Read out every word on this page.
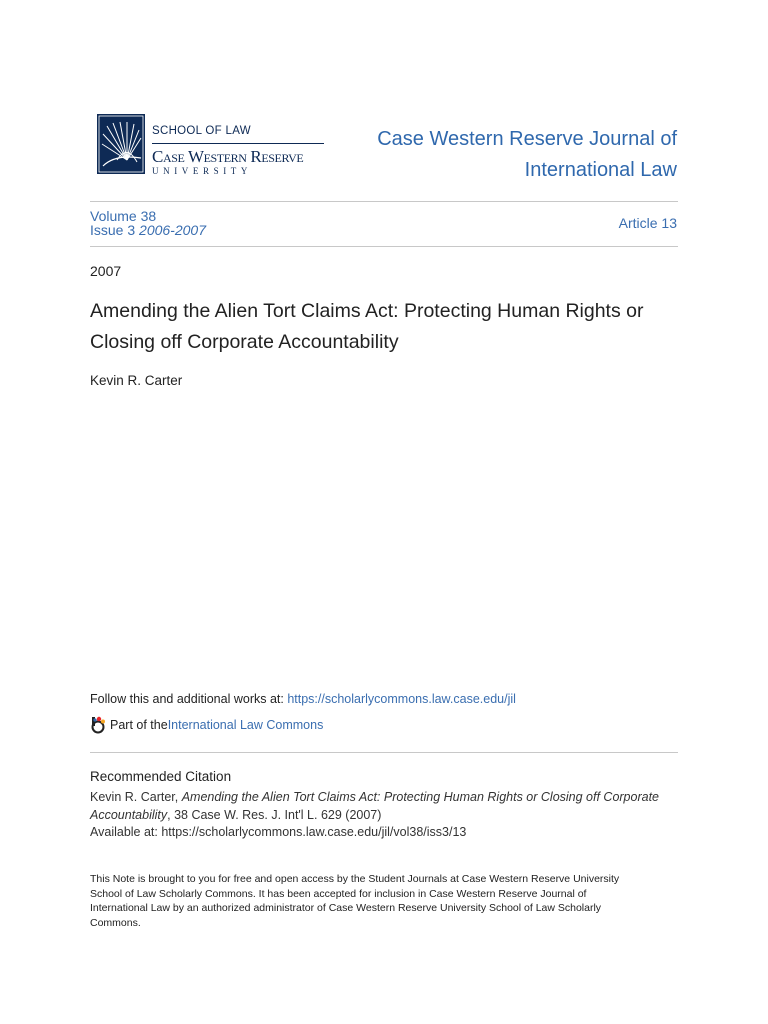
SCHOOL OF LAW
Case Western Reserve
UNIVERSITY
Case Western Reserve Journal of
International Law
Volume 38
Issue 3 2006-2007	Article 13
2007
Amending the Alien Tort Claims Act: Protecting Human Rights or
Closing off Corporate Accountability
Kevin R. Carter
Follow this and additional works at: https://scholarlycommons.law.case.edu/jil
Part of the International Law Commons
Recommended Citation
Kevin R. Carter, Amending the Alien Tort Claims Act: Protecting Human Rights or Closing off Corporate
Accountability, 38 Case W. Res. J. Int'l L. 629 (2007)
Available at: https://scholarlycommons.law.case.edu/jil/vol38/iss3/13
This Note is brought to you for free and open access by the Student Journals at Case Western Reserve University
School of Law Scholarly Commons. It has been accepted for inclusion in Case Western Reserve Journal of
International Law by an authorized administrator of Case Western Reserve University School of Law Scholarly
Commons.
